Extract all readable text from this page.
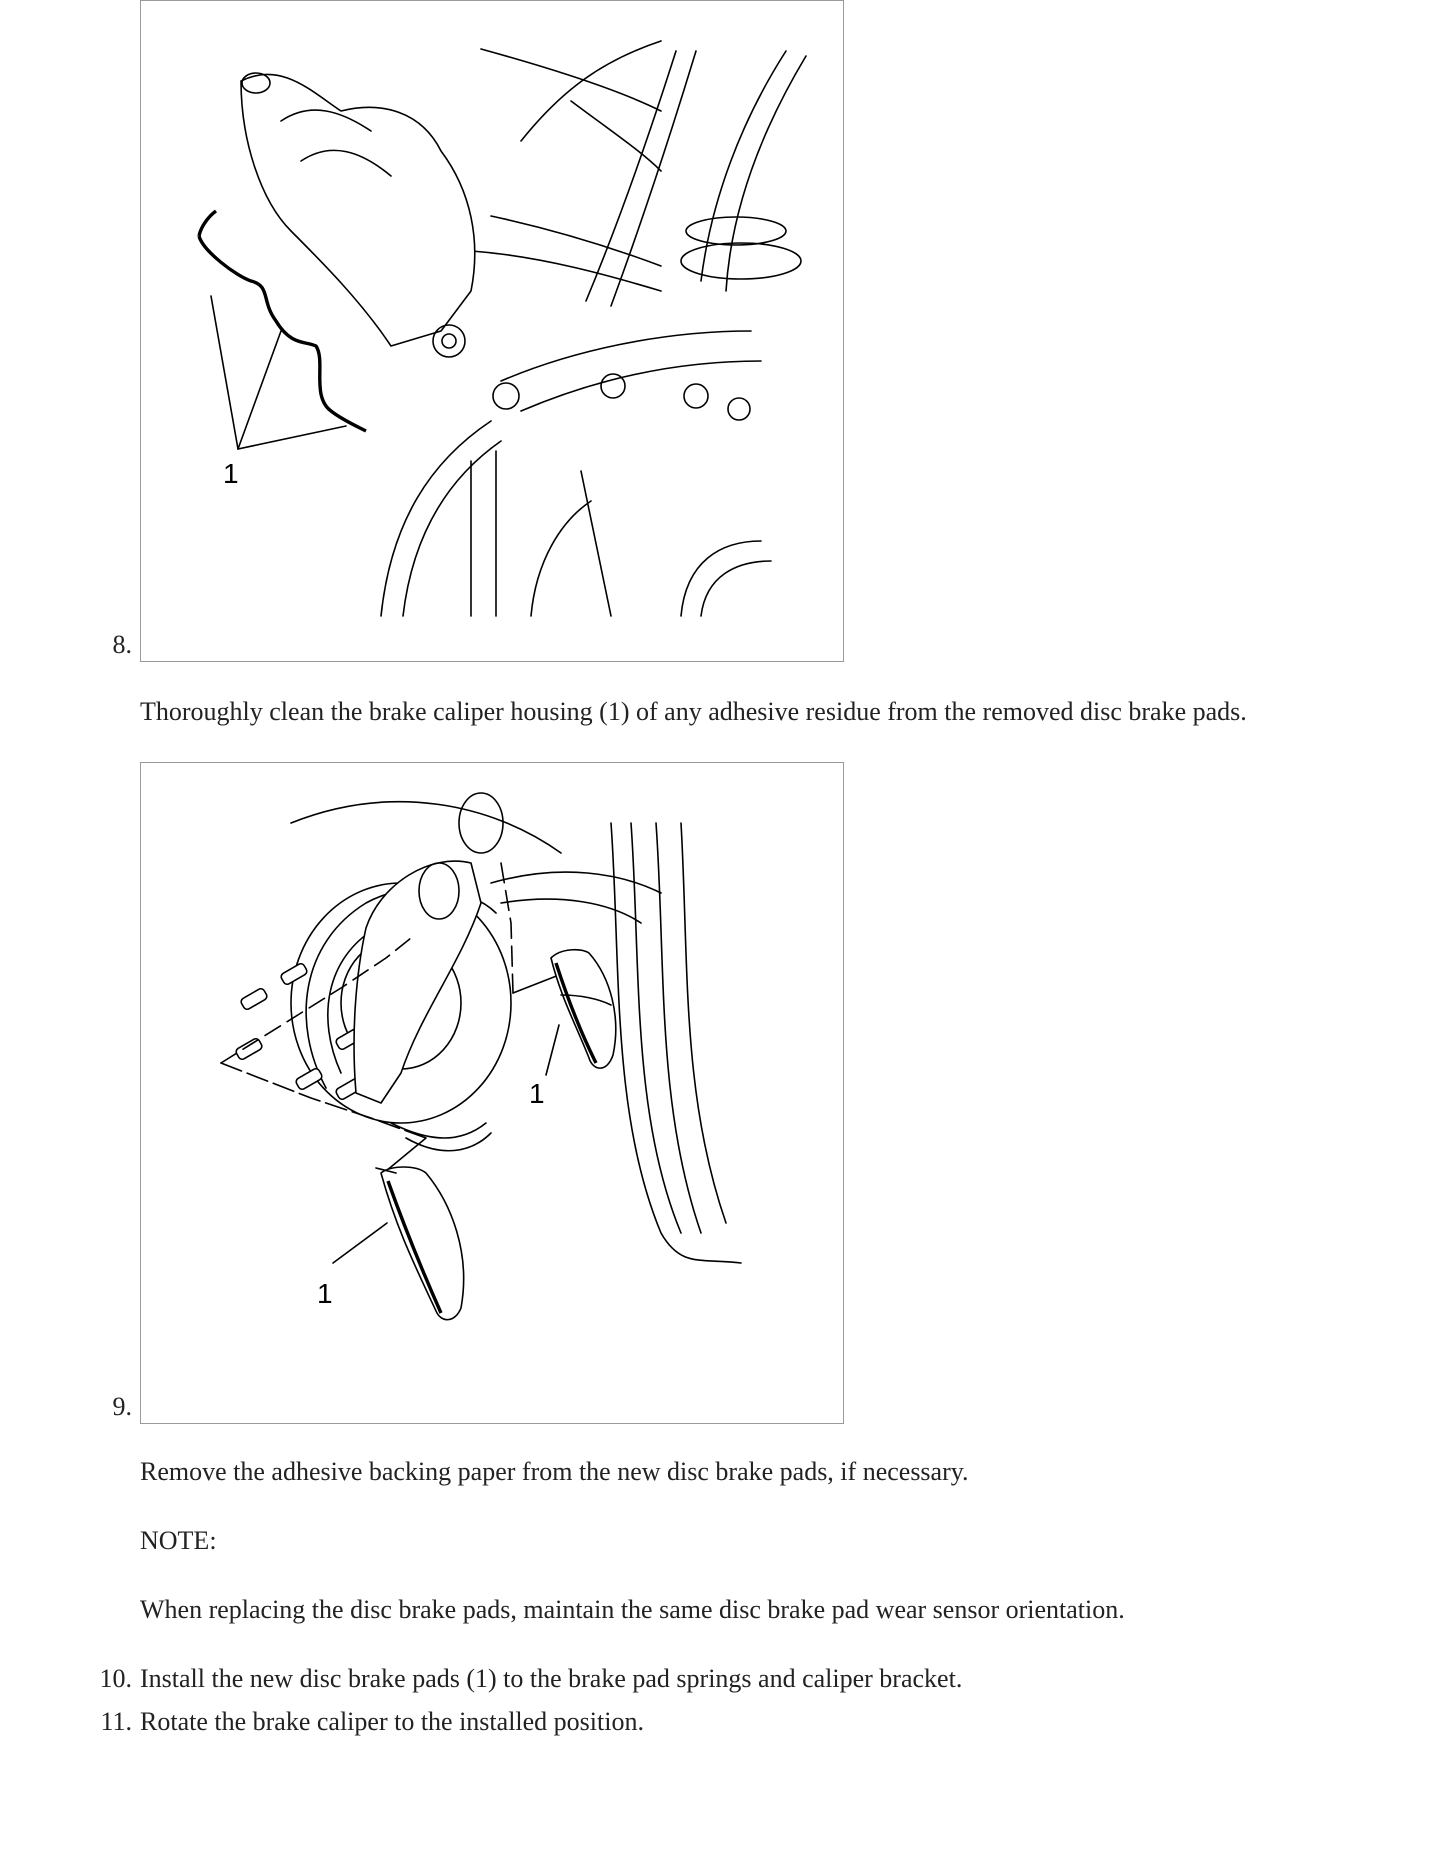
1
8.
Thoroughly clean the brake caliper housing (1) of any adhesive residue from the removed disc brake pads.
1
1
9.
Remove the adhesive backing paper from the new disc brake pads, if necessary.
NOTE:
When replacing the disc brake pads, maintain the same disc brake pad wear sensor orientation.
10. Install the new disc brake pads (1) to the brake pad springs and caliper bracket.
11. Rotate the brake caliper to the installed position.
